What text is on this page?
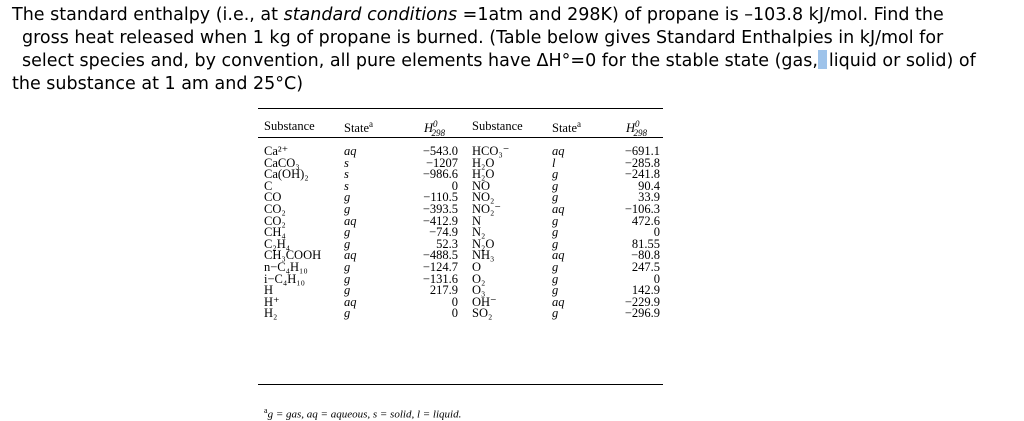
The standard enthalpy (i.e., at standard conditions =1atm and 298K) of propane is –103.8 kJ/mol. Find the
gross heat released when 1 kg of propane is burned. (Table below gives Standard Enthalpies in kJ/mol for
select species and, by convention, all pure elements have ΔH°=0 for the stable state (gas, liquid or solid) of
the substance at 1 am and 25°C)
Substance State$^a$	$H^0_{298}$ Substance State$^a$	$H^0_{298}$
Ca²⁺
CaCO₃
Ca(OH)₂
C
CO
CO₂
CO₂
CH₄
C₂H₄
CH₃COOH
n−C₄H₁₀
i−C₄H₁₀
H
H⁺
H₂
aq
s
s
s
g
g
aq
g
g
aq
g
g
g
aq
g
−543.0
−1207
−986.6
0
−110.5
−393.5
−412.9
−74.9
52.3
−488.5
−124.7
−131.6
217.9
0
0
HCO₃⁻
H₂O
H₂O
NO
NO₂
NO₂⁻
N
N₂
N₂O
NH₃
O
O₂
O₃
OH⁻
SO₂
aq
l
g
g
g
aq
g
g
g
aq
g
g
g
aq
g
−691.1
−285.8
−241.8
90.4
33.9
−106.3
472.6
0
81.55
−80.8
247.5
0
142.9
−229.9
−296.9
$^a$g = gas, aq = aqueous, s = solid, l = liquid.
